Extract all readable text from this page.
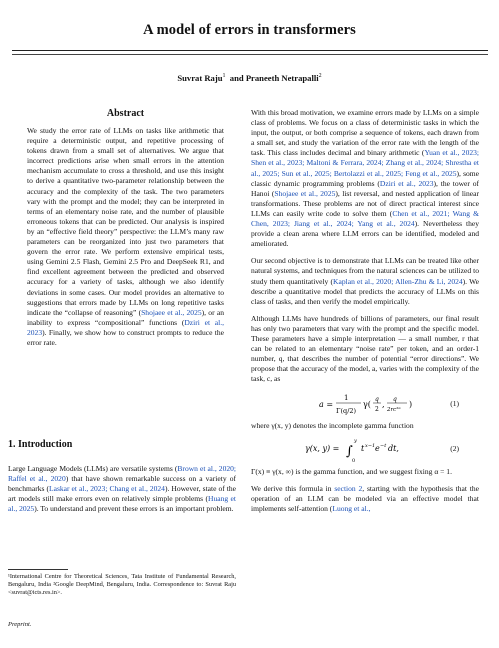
A model of errors in transformers
Suvrat Raju$^1$ and Praneeth Netrapalli$^2$
Abstract
We study the error rate of LLMs on tasks like arithmetic that require a deterministic output, and repetitive processing of tokens drawn from a small set of alternatives. We argue that incorrect predictions arise when small errors in the attention mechanism accumulate to cross a threshold, and use this insight to derive a quantitative two-parameter relationship between the accuracy and the complexity of the task. The two parameters vary with the prompt and the model; they can be interpreted in terms of an elementary noise rate, and the number of plausible erroneous tokens that can be predicted. Our analysis is inspired by an “effective field theory” perspective: the LLM’s many raw parameters can be reorganized into just two parameters that govern the error rate. We perform extensive empirical tests, using Gemini 2.5 Flash, Gemini 2.5 Pro and DeepSeek R1, and find excellent agreement between the predicted and observed accuracy for a variety of tasks, although we also identify deviations in some cases. Our model provides an alternative to suggestions that errors made by LLMs on long repetitive tasks indicate the “collapse of reasoning” (Shojaee et al., 2025), or an inability to express “compositional” functions (Dziri et al., 2023). Finally, we show how to construct prompts to reduce the error rate.
1. Introduction
Large Language Models (LLMs) are versatile systems (Brown et al., 2020; Raffel et al., 2020) that have shown remarkable success on a variety of benchmarks (Laskar et al., 2023; Chang et al., 2024). However, state of the art models still make errors even on relatively simple problems (Huang et al., 2025). To understand and prevent these errors is an important problem.
¹International Centre for Theoretical Sciences, Tata Institute of Fundamental Research, Bengaluru, India ²Google DeepMind, Bengaluru, India. Correspondence to: Suvrat Raju <suvrat@icts.res.in>.
Preprint.

With this broad motivation, we examine errors made by LLMs on a simple class of problems. We focus on a class of deterministic tasks in which the input, the output, or both comprise a sequence of tokens, each drawn from a small set, and study the variation of the error rate with the length of the task. This class includes decimal and binary arithmetic (Yuan et al., 2023; Shen et al., 2023; Maltoni & Ferrara, 2024; Zhang et al., 2024; Shrestha et al., 2025; Sun et al., 2025; Bertolazzi et al., 2025; Feng et al., 2025), some classic dynamic programming problems (Dziri et al., 2023), the tower of Hanoi (Shojaee et al., 2025), list reversal, and nested application of linear transformations. These problems are not of direct practical interest since LLMs can easily write code to solve them (Chen et al., 2021; Wang & Chen, 2023; Jiang et al., 2024; Yang et al., 2024). Nevertheless they provide a clean arena where LLM errors can be identified, modeled and ameliorated.

Our second objective is to demonstrate that LLMs can be treated like other natural systems, and techniques from the natural sciences can be utilized to study them quantitatively (Kaplan et al., 2020; Allen-Zhu & Li, 2024). We describe a quantitative model that predicts the accuracy of LLMs on this class of tasks, and then verify the model empirically.

Although LLMs have hundreds of billions of parameters, our final result has only two parameters that vary with the prompt and the specific model. These parameters have a simple interpretation — a small number, r that can be related to an elementary “noise rate” per token, and an order-1 number, q, that describes the number of potential “error directions”. We propose that the accuracy of the model, a, varies with the complexity of the task, c, as

a =
1
Γ(q/2)
γ(
q
2
,
q
2rc²ᵅ
)	(1)

where γ(x, y) denotes the incomplete gamma function

γ(x, y) = ∫
y
0
t x−1 e −t dt,	(2)

Γ(x) ≡ γ(x, ∞) is the gamma function, and we suggest fixing α = 1.

We derive this formula in section 2, starting with the hypothesis that the operation of an LLM can be modeled via an effective model that implements self-attention (Luong et al.,
